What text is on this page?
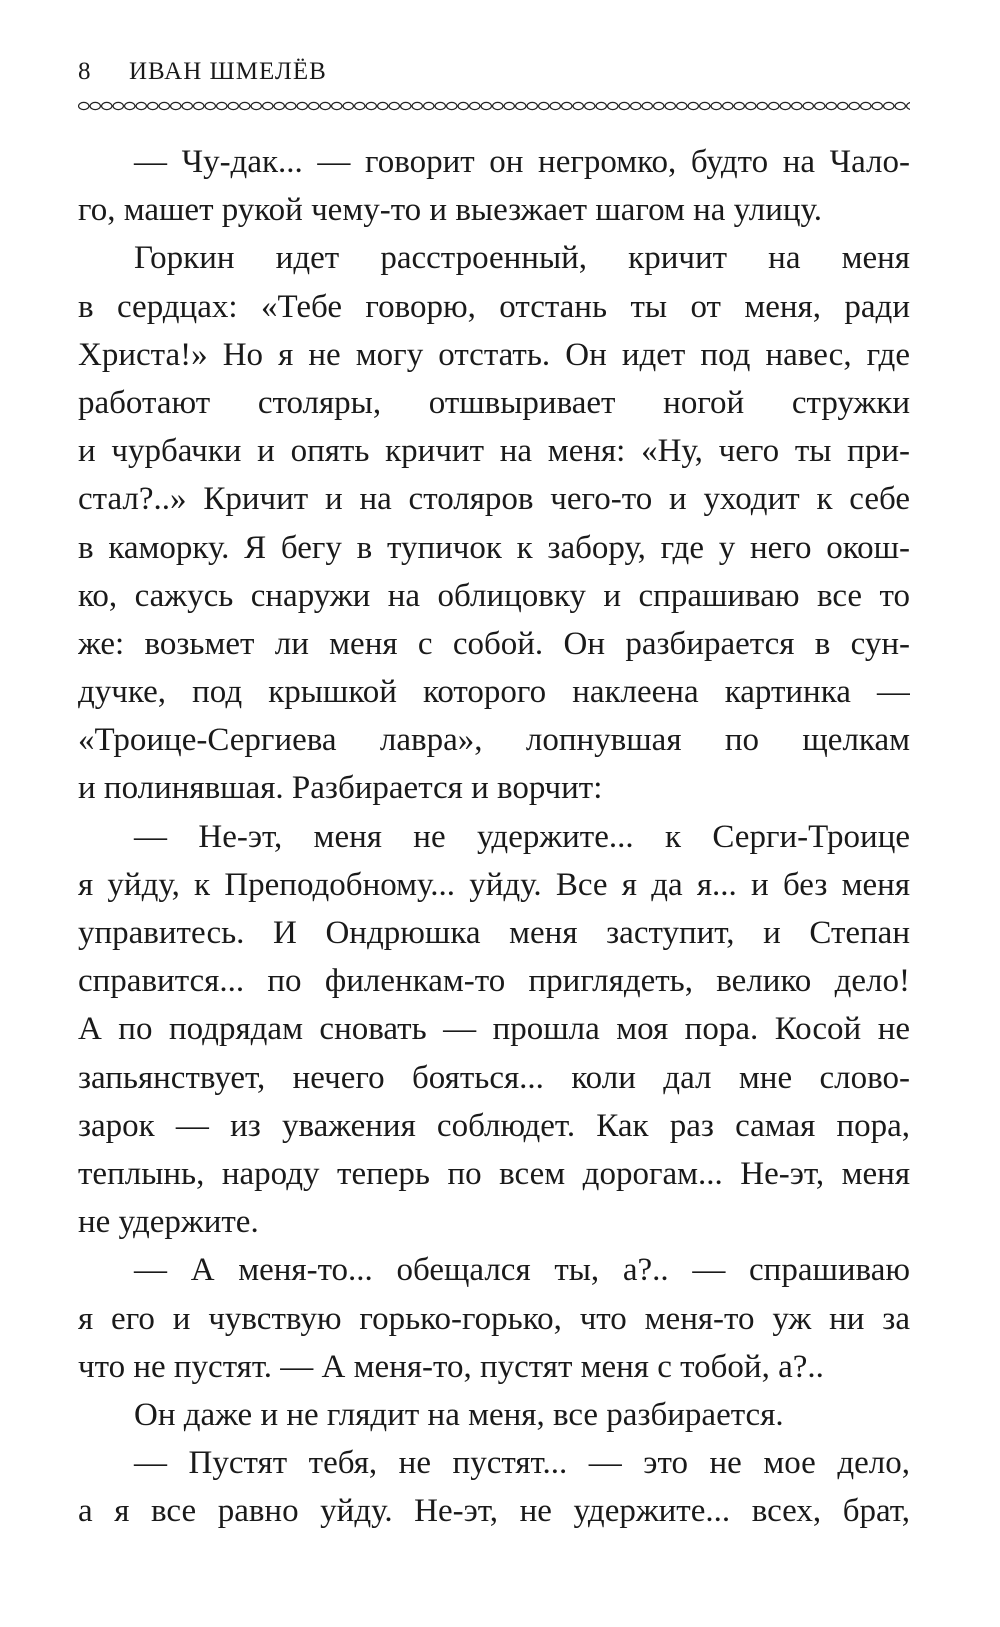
8 ИВАН ШМЕЛЁВ
— Чу-дак... — говорит он негромко, будто на Чало-
го, машет рукой чему-то и выезжает шагом на улицу.
Горкин идет расстроенный, кричит на меня
в сердцах: «Тебе говорю, отстань ты от меня, ради
Христа!» Но я не могу отстать. Он идет под навес, где
работают столяры, отшвыривает ногой стружки
и чурбачки и опять кричит на меня: «Ну, чего ты при-
стал?..» Кричит и на столяров чего-то и уходит к себе
в каморку. Я бегу в тупичок к забору, где у него окош-
ко, сажусь снаружи на облицовку и спрашиваю все то
же: возьмет ли меня с собой. Он разбирается в сун-
дучке, под крышкой которого наклеена картинка —
«Троице-Сергиева лавра», лопнувшая по щелкам
и полинявшая. Разбирается и ворчит:
— Не-эт, меня не удержите... к Серги-Троице
я уйду, к Преподобному... уйду. Все я да я... и без меня
управитесь. И Ондрюшка меня заступит, и Степан
справится... по филенкам-то приглядеть, велико дело!
А по подрядам сновать — прошла моя пора. Косой не
запьянствует, нечего бояться... коли дал мне слово-
зарок — из уважения соблюдет. Как раз самая пора,
теплынь, народу теперь по всем дорогам... Не-эт, меня
не удержите.
— А меня-то... обещался ты, а?.. — спрашиваю
я его и чувствую горько-горько, что меня-то уж ни за
что не пустят. — А меня-то, пустят меня с тобой, а?..
Он даже и не глядит на меня, все разбирается.
— Пустят тебя, не пустят... — это не мое дело,
а я все равно уйду. Не-эт, не удержите... всех, брат,
